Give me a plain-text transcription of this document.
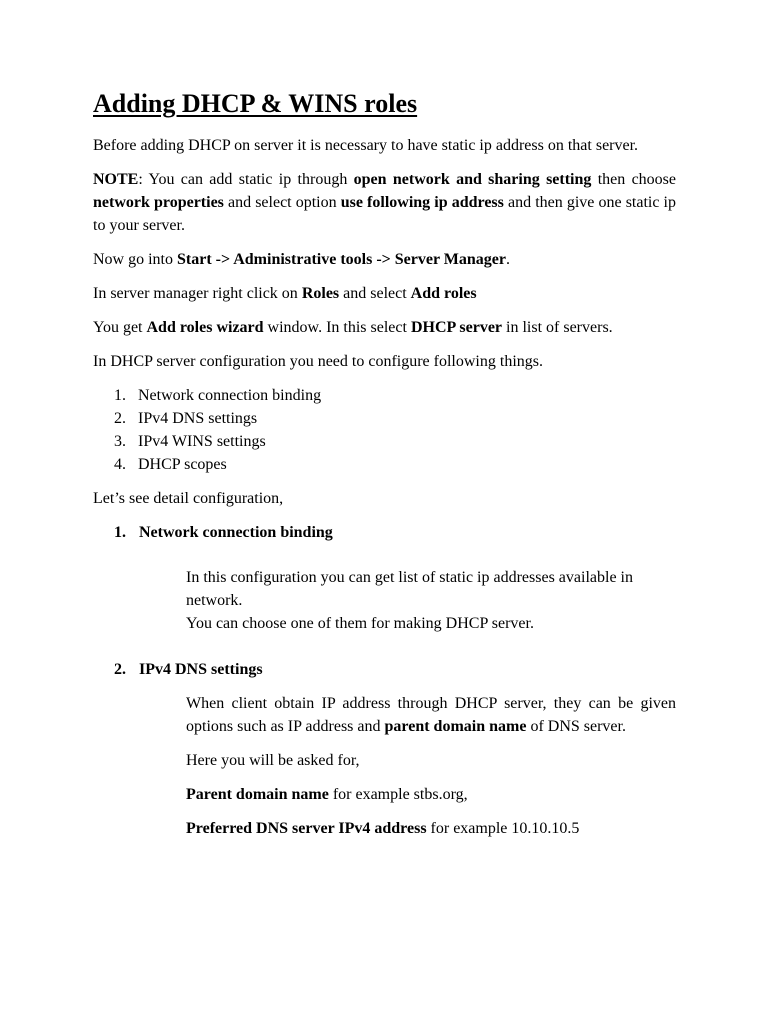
Adding DHCP & WINS roles

Before adding DHCP on server it is necessary to have static ip address on that server.

NOTE: You can add static ip through open network and sharing setting then choose network properties and select option use following ip address and then give one static ip to your server.

Now go into Start -> Administrative tools -> Server Manager.

In server manager right click on Roles and select Add roles

You get Add roles wizard window. In this select DHCP server in list of servers.

In DHCP server configuration you need to configure following things.

1. Network connection binding
2. IPv4 DNS settings
3. IPv4 WINS settings
4. DHCP scopes

Let’s see detail configuration,

1. Network connection binding
In this configuration you can get list of static ip addresses available in network.
You can choose one of them for making DHCP server.
2. IPv4 DNS settings

When client obtain IP address through DHCP server, they can be given options such as IP address and parent domain name of DNS server.

Here you will be asked for,

Parent domain name for example stbs.org,

Preferred DNS server IPv4 address for example 10.10.10.5
